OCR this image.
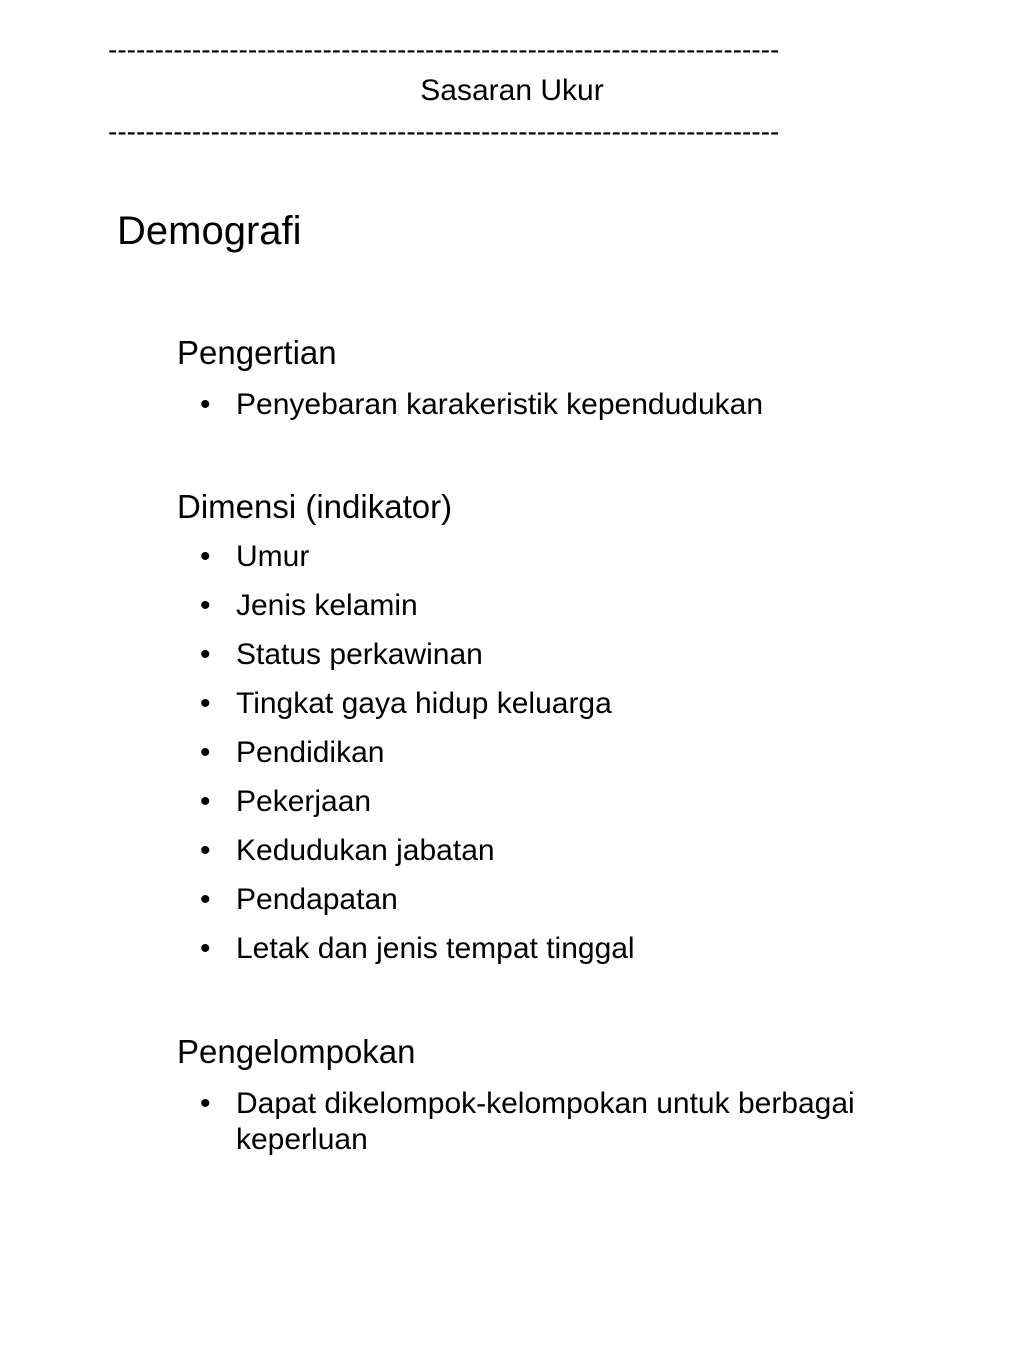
------------------------------------------------------------------------
Sasaran Ukur
------------------------------------------------------------------------
Demografi
Pengertian
• Penyebaran karakeristik kependudukan
Dimensi (indikator)
• Umur
• Jenis kelamin
• Status perkawinan
• Tingkat gaya hidup keluarga
• Pendidikan
• Pekerjaan
• Kedudukan jabatan
• Pendapatan
• Letak dan jenis tempat tinggal
Pengelompokan
• Dapat dikelompok-kelompokan untuk berbagai keperluan
